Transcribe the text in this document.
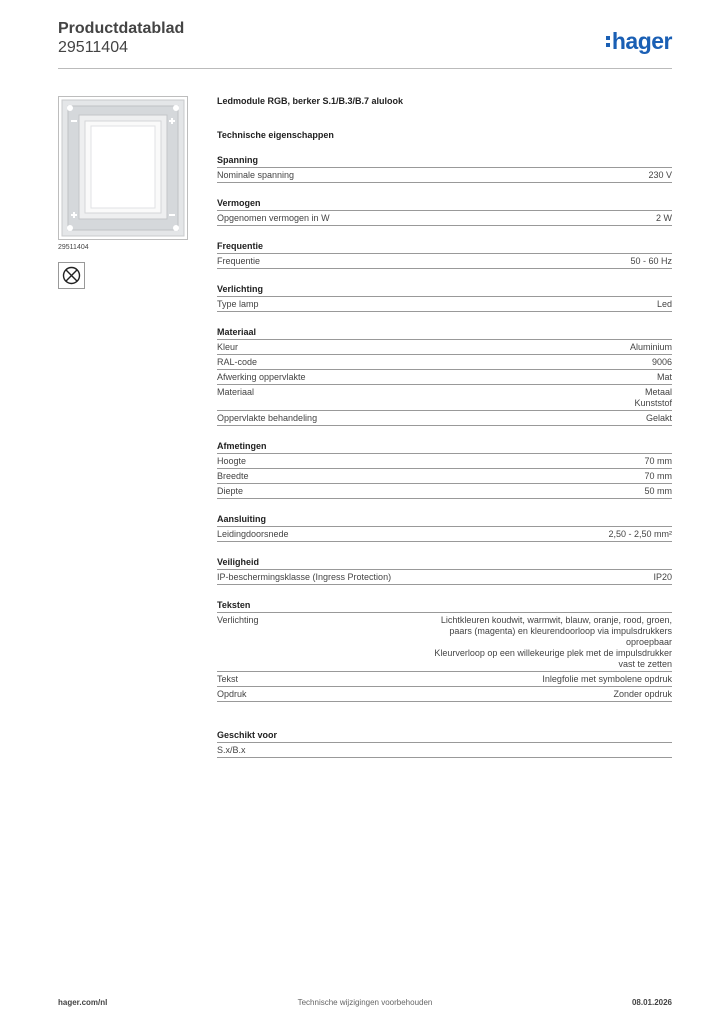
Productdatablad
29511404	hager
29511404
Ledmodule RGB, berker S.1/B.3/B.7 alulook
Technische eigenschappen
Spanning
Nominale spanning	230 V
Vermogen
Opgenomen vermogen in W	2 W
Frequentie
Frequentie	50 - 60 Hz
Verlichting
Type lamp	Led
Materiaal
Kleur	Aluminium
RAL-code	9006
Afwerking oppervlakte	Mat
Materiaal	Metaal
Kunststof
Oppervlakte behandeling	Gelakt
Afmetingen
Hoogte	70 mm
Breedte	70 mm
Diepte	50 mm
Aansluiting
Leidingdoorsnede	2,50 - 2,50 mm²
Veiligheid
IP-beschermingsklasse (Ingress Protection)	IP20
Teksten
Verlichting	Lichtkleuren koudwit, warmwit, blauw, oranje, rood, groen,
paars (magenta) en kleurendoorloop via impulsdrukkers
oproepbaar
Kleurverloop op een willekeurige plek met de impulsdrukker
vast te zetten
Tekst	Inlegfolie met symbolene opdruk
Opdruk	Zonder opdruk
Geschikt voor
S.x/B.x
Technische wijzigingen voorbehouden
hager.com/nl	08.01.2026
